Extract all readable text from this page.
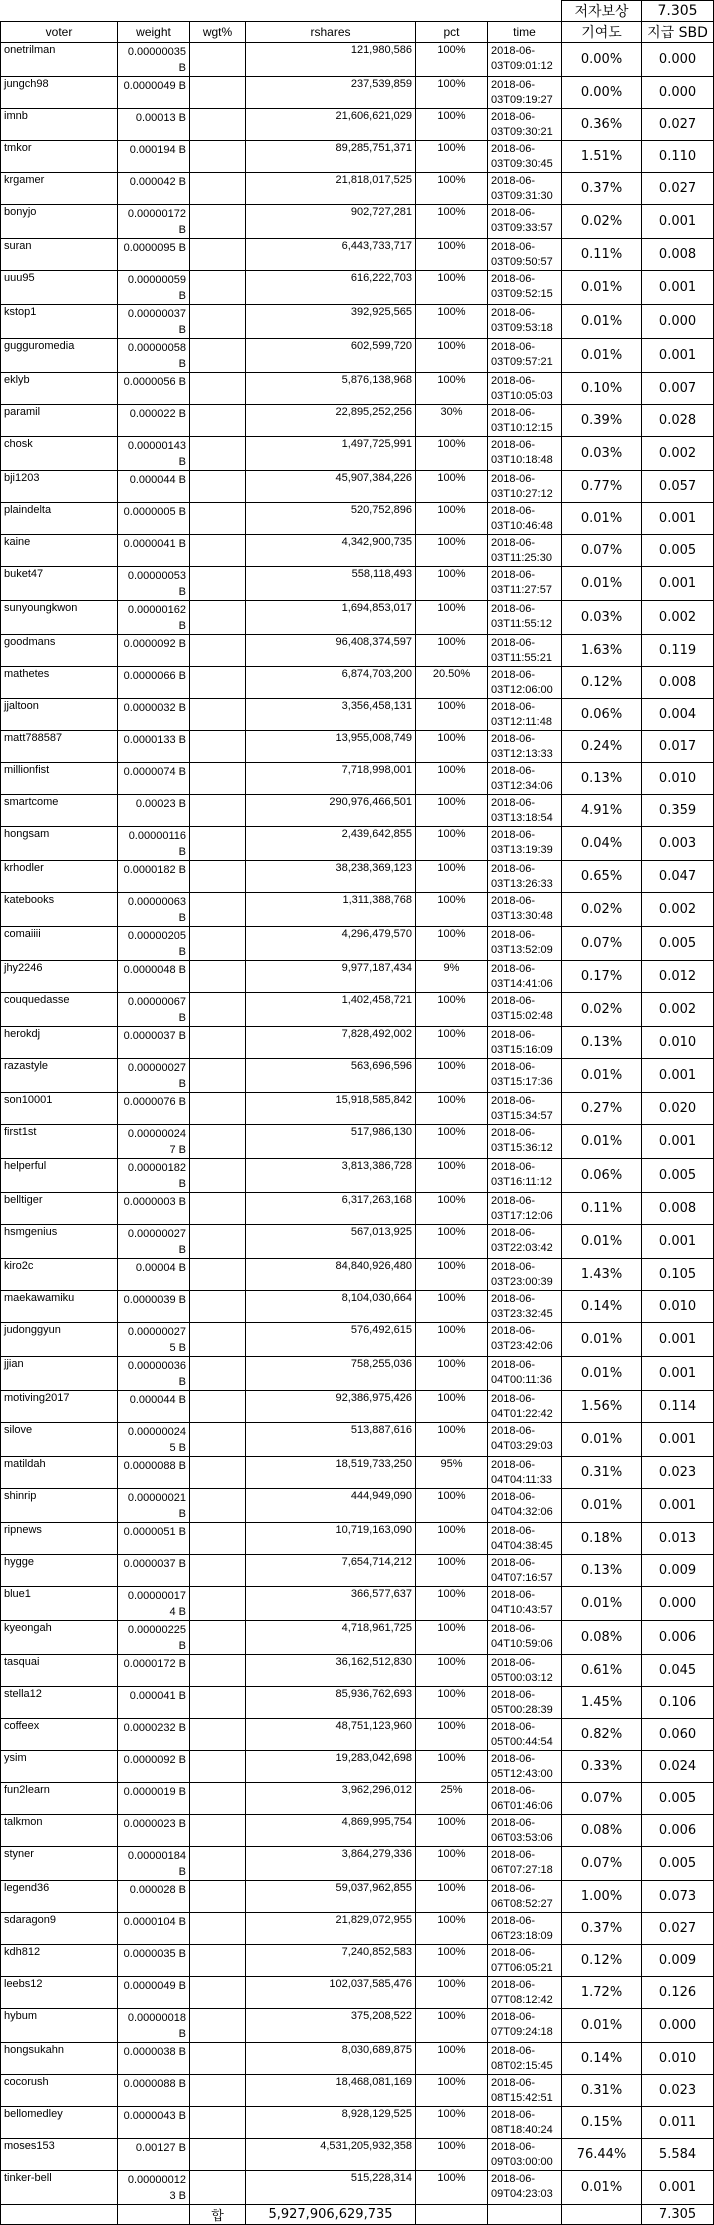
						저자보상	7.305
voter	weight	wgt%	rshares	pct	time	기여도	지급 SBD
onetrilman	0.00000035 B		121,980,586	100%	2018-06-03T09:01:12	0.00%	0.000
jungch98	0.0000049 B		237,539,859	100%	2018-06-03T09:19:27	0.00%	0.000
imnb	0.00013 B		21,606,621,029	100%	2018-06-03T09:30:21	0.36%	0.027
tmkor	0.000194 B		89,285,751,371	100%	2018-06-03T09:30:45	1.51%	0.110
krgamer	0.000042 B		21,818,017,525	100%	2018-06-03T09:31:30	0.37%	0.027
bonyjo	0.00000172 B		902,727,281	100%	2018-06-03T09:33:57	0.02%	0.001
suran	0.0000095 B		6,443,733,717	100%	2018-06-03T09:50:57	0.11%	0.008
uuu95	0.00000059 B		616,222,703	100%	2018-06-03T09:52:15	0.01%	0.001
kstop1	0.00000037 B		392,925,565	100%	2018-06-03T09:53:18	0.01%	0.000
gugguromedia	0.00000058 B		602,599,720	100%	2018-06-03T09:57:21	0.01%	0.001
eklyb	0.0000056 B		5,876,138,968	100%	2018-06-03T10:05:03	0.10%	0.007
paramil	0.000022 B		22,895,252,256	30%	2018-06-03T10:12:15	0.39%	0.028
chosk	0.00000143 B		1,497,725,991	100%	2018-06-03T10:18:48	0.03%	0.002
bji1203	0.000044 B		45,907,384,226	100%	2018-06-03T10:27:12	0.77%	0.057
plaindelta	0.0000005 B		520,752,896	100%	2018-06-03T10:46:48	0.01%	0.001
kaine	0.0000041 B		4,342,900,735	100%	2018-06-03T11:25:30	0.07%	0.005
buket47	0.00000053 B		558,118,493	100%	2018-06-03T11:27:57	0.01%	0.001
sunyoungkwon	0.00000162 B		1,694,853,017	100%	2018-06-03T11:55:12	0.03%	0.002
goodmans	0.0000092 B		96,408,374,597	100%	2018-06-03T11:55:21	1.63%	0.119
mathetes	0.0000066 B		6,874,703,200	20.50%	2018-06-03T12:06:00	0.12%	0.008
jjaltoon	0.0000032 B		3,356,458,131	100%	2018-06-03T12:11:48	0.06%	0.004
matt788587	0.0000133 B		13,955,008,749	100%	2018-06-03T12:13:33	0.24%	0.017
millionfist	0.0000074 B		7,718,998,001	100%	2018-06-03T12:34:06	0.13%	0.010
smartcome	0.00023 B		290,976,466,501	100%	2018-06-03T13:18:54	4.91%	0.359
hongsam	0.00000116 B		2,439,642,855	100%	2018-06-03T13:19:39	0.04%	0.003
krhodler	0.0000182 B		38,238,369,123	100%	2018-06-03T13:26:33	0.65%	0.047
katebooks	0.00000063 B		1,311,388,768	100%	2018-06-03T13:30:48	0.02%	0.002
comaiiii	0.00000205 B		4,296,479,570	100%	2018-06-03T13:52:09	0.07%	0.005
jhy2246	0.0000048 B		9,977,187,434	9%	2018-06-03T14:41:06	0.17%	0.012
couquedasse	0.00000067 B		1,402,458,721	100%	2018-06-03T15:02:48	0.02%	0.002
herokdj	0.0000037 B		7,828,492,002	100%	2018-06-03T15:16:09	0.13%	0.010
razastyle	0.00000027 B		563,696,596	100%	2018-06-03T15:17:36	0.01%	0.001
son10001	0.0000076 B		15,918,585,842	100%	2018-06-03T15:34:57	0.27%	0.020
first1st	0.00000024 7 B		517,986,130	100%	2018-06-03T15:36:12	0.01%	0.001
helperful	0.00000182 B		3,813,386,728	100%	2018-06-03T16:11:12	0.06%	0.005
belltiger	0.0000003 B		6,317,263,168	100%	2018-06-03T17:12:06	0.11%	0.008
hsmgenius	0.00000027 B		567,013,925	100%	2018-06-03T22:03:42	0.01%	0.001
kiro2c	0.00004 B		84,840,926,480	100%	2018-06-03T23:00:39	1.43%	0.105
maekawamiku	0.0000039 B		8,104,030,664	100%	2018-06-03T23:32:45	0.14%	0.010
judonggyun	0.00000027 5 B		576,492,615	100%	2018-06-03T23:42:06	0.01%	0.001
jjian	0.00000036 B		758,255,036	100%	2018-06-04T00:11:36	0.01%	0.001
motiving2017	0.000044 B		92,386,975,426	100%	2018-06-04T01:22:42	1.56%	0.114
silove	0.00000024 5 B		513,887,616	100%	2018-06-04T03:29:03	0.01%	0.001
matildah	0.0000088 B		18,519,733,250	95%	2018-06-04T04:11:33	0.31%	0.023
shinrip	0.00000021 B		444,949,090	100%	2018-06-04T04:32:06	0.01%	0.001
ripnews	0.0000051 B		10,719,163,090	100%	2018-06-04T04:38:45	0.18%	0.013
hygge	0.0000037 B		7,654,714,212	100%	2018-06-04T07:16:57	0.13%	0.009
blue1	0.00000017 4 B		366,577,637	100%	2018-06-04T10:43:57	0.01%	0.000
kyeongah	0.00000225 B		4,718,961,725	100%	2018-06-04T10:59:06	0.08%	0.006
tasquai	0.0000172 B		36,162,512,830	100%	2018-06-05T00:03:12	0.61%	0.045
stella12	0.000041 B		85,936,762,693	100%	2018-06-05T00:28:39	1.45%	0.106
coffeex	0.0000232 B		48,751,123,960	100%	2018-06-05T00:44:54	0.82%	0.060
ysim	0.0000092 B		19,283,042,698	100%	2018-06-05T12:43:00	0.33%	0.024
fun2learn	0.0000019 B		3,962,296,012	25%	2018-06-06T01:46:06	0.07%	0.005
talkmon	0.0000023 B		4,869,995,754	100%	2018-06-06T03:53:06	0.08%	0.006
styner	0.00000184 B		3,864,279,336	100%	2018-06-06T07:27:18	0.07%	0.005
legend36	0.000028 B		59,037,962,855	100%	2018-06-06T08:52:27	1.00%	0.073
sdaragon9	0.0000104 B		21,829,072,955	100%	2018-06-06T23:18:09	0.37%	0.027
kdh812	0.0000035 B		7,240,852,583	100%	2018-06-07T06:05:21	0.12%	0.009
leebs12	0.0000049 B		102,037,585,476	100%	2018-06-07T08:12:42	1.72%	0.126
hybum	0.00000018 B		375,208,522	100%	2018-06-07T09:24:18	0.01%	0.000
hongsukahn	0.0000038 B		8,030,689,875	100%	2018-06-08T02:15:45	0.14%	0.010
cocorush	0.0000088 B		18,468,081,169	100%	2018-06-08T15:42:51	0.31%	0.023
bellomedley	0.0000043 B		8,928,129,525	100%	2018-06-08T18:40:24	0.15%	0.011
moses153	0.00127 B		4,531,205,932,358	100%	2018-06-09T03:00:00	76.44%	5.584
tinker-bell	0.00000012 3 B		515,228,314	100%	2018-06-09T04:23:03	0.01%	0.001
		합	5,927,906,629,735				7.305
